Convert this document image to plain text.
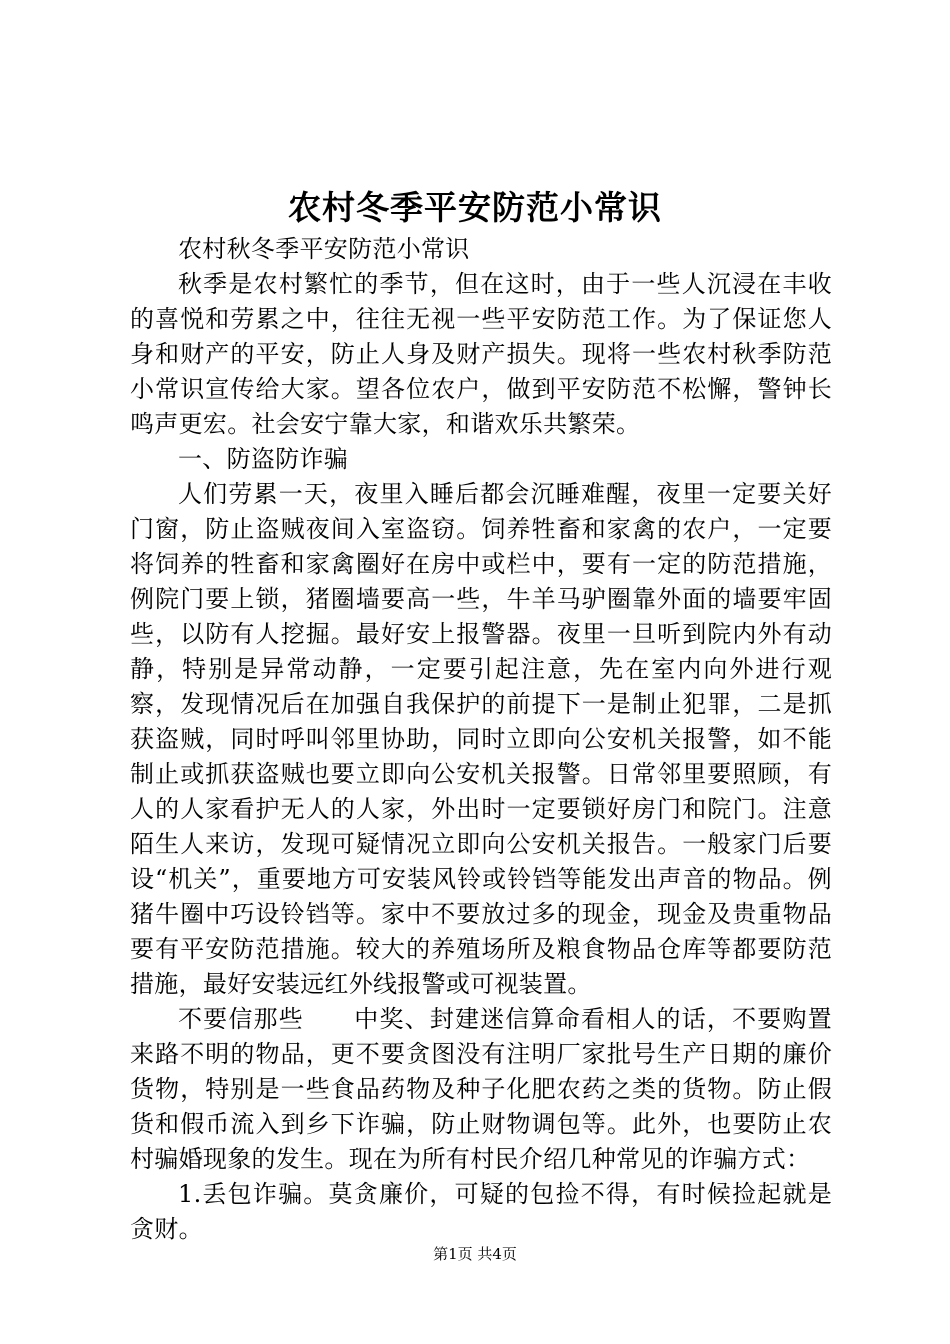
农村冬季平安防范小常识

农村秋冬季平安防范小常识

秋季是农村繁忙的季节，但在这时，由于一些人沉浸在丰收的喜悦和劳累之中，往往无视一些平安防范工作。为了保证您人身和财产的平安，防止人身及财产损失。现将一些农村秋季防范小常识宣传给大家。望各位农户，做到平安防范不松懈，警钟长鸣声更宏。社会安宁靠大家，和谐欢乐共繁荣。

一、防盗防诈骗

人们劳累一天，夜里入睡后都会沉睡难醒，夜里一定要关好门窗，防止盗贼夜间入室盗窃。饲养牲畜和家禽的农户，一定要将饲养的牲畜和家禽圈好在房中或栏中，要有一定的防范措施，例院门要上锁，猪圈墙要高一些，牛羊马驴圈靠外面的墙要牢固些，以防有人挖掘。最好安上报警器。夜里一旦听到院内外有动静，特别是异常动静，一定要引起注意，先在室内向外进行观察，发现情况后在加强自我保护的前提下一是制止犯罪，二是抓获盗贼，同时呼叫邻里协助，同时立即向公安机关报警，如不能制止或抓获盗贼也要立即向公安机关报警。日常邻里要照顾，有人的人家看护无人的人家，外出时一定要锁好房门和院门。注意陌生人来访，发现可疑情况立即向公安机关报告。一般家门后要设“机关”，重要地方可安装风铃或铃铛等能发出声音的物品。例猪牛圈中巧设铃铛等。家中不要放过多的现金，现金及贵重物品要有平安防范措施。较大的养殖场所及粮食物品仓库等都要防范措施，最好安装远红外线报警或可视装置。

不要信那些　　中奖、封建迷信算命看相人的话，不要购置来路不明的物品，更不要贪图没有注明厂家批号生产日期的廉价货物，特别是一些食品药物及种子化肥农药之类的货物。防止假货和假币流入到乡下诈骗，防止财物调包等。此外，也要防止农村骗婚现象的发生。现在为所有村民介绍几种常见的诈骗方式：

1.丢包诈骗。莫贪廉价，可疑的包捡不得，有时候捡起就是贪财。

第1页 共4页
